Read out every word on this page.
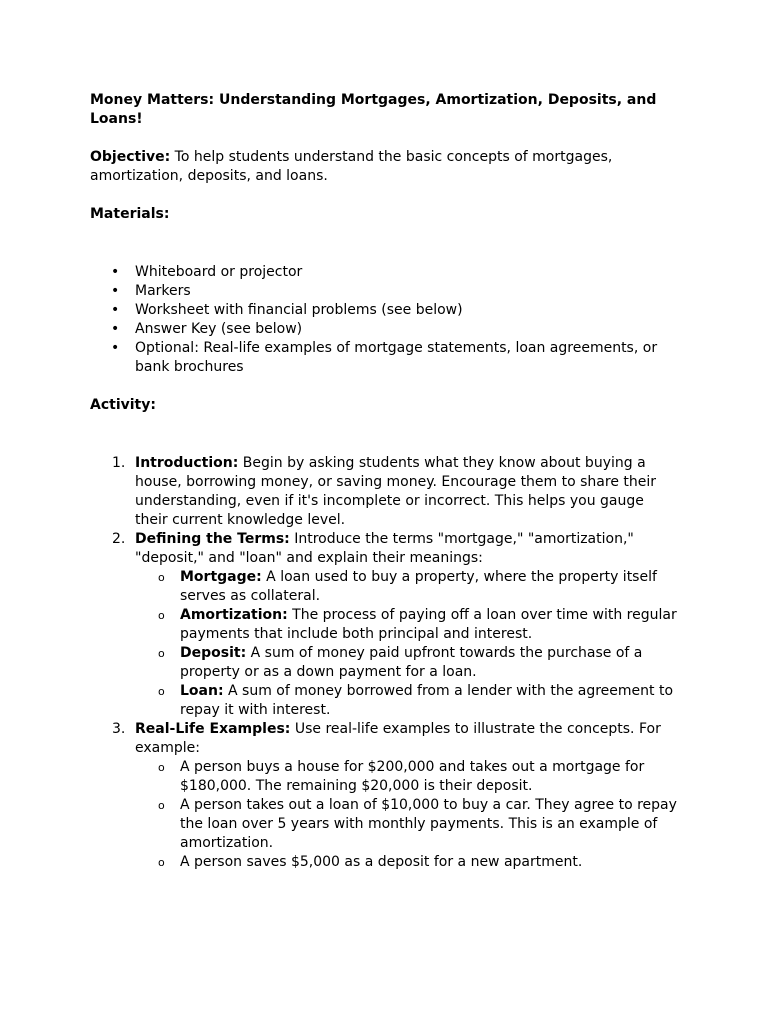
Money Matters: Understanding Mortgages, Amortization, Deposits, and Loans!

Objective: To help students understand the basic concepts of mortgages, amortization, deposits, and loans.

Materials:

• Whiteboard or projector
• Markers
• Worksheet with financial problems (see below)
• Answer Key (see below)
• Optional: Real-life examples of mortgage statements, loan agreements, or bank brochures

Activity:

1. Introduction: Begin by asking students what they know about buying a house, borrowing money, or saving money. Encourage them to share their understanding, even if it's incomplete or incorrect. This helps you gauge their current knowledge level.
2. Defining the Terms: Introduce the terms "mortgage," "amortization," "deposit," and "loan" and explain their meanings:
o Mortgage: A loan used to buy a property, where the property itself serves as collateral.
o Amortization: The process of paying off a loan over time with regular payments that include both principal and interest.
o Deposit: A sum of money paid upfront towards the purchase of a property or as a down payment for a loan.
o Loan: A sum of money borrowed from a lender with the agreement to repay it with interest.
3. Real-Life Examples: Use real-life examples to illustrate the concepts. For example:
o A person buys a house for $200,000 and takes out a mortgage for $180,000. The remaining $20,000 is their deposit.
o A person takes out a loan of $10,000 to buy a car. They agree to repay the loan over 5 years with monthly payments. This is an example of amortization.
o A person saves $5,000 as a deposit for a new apartment.
